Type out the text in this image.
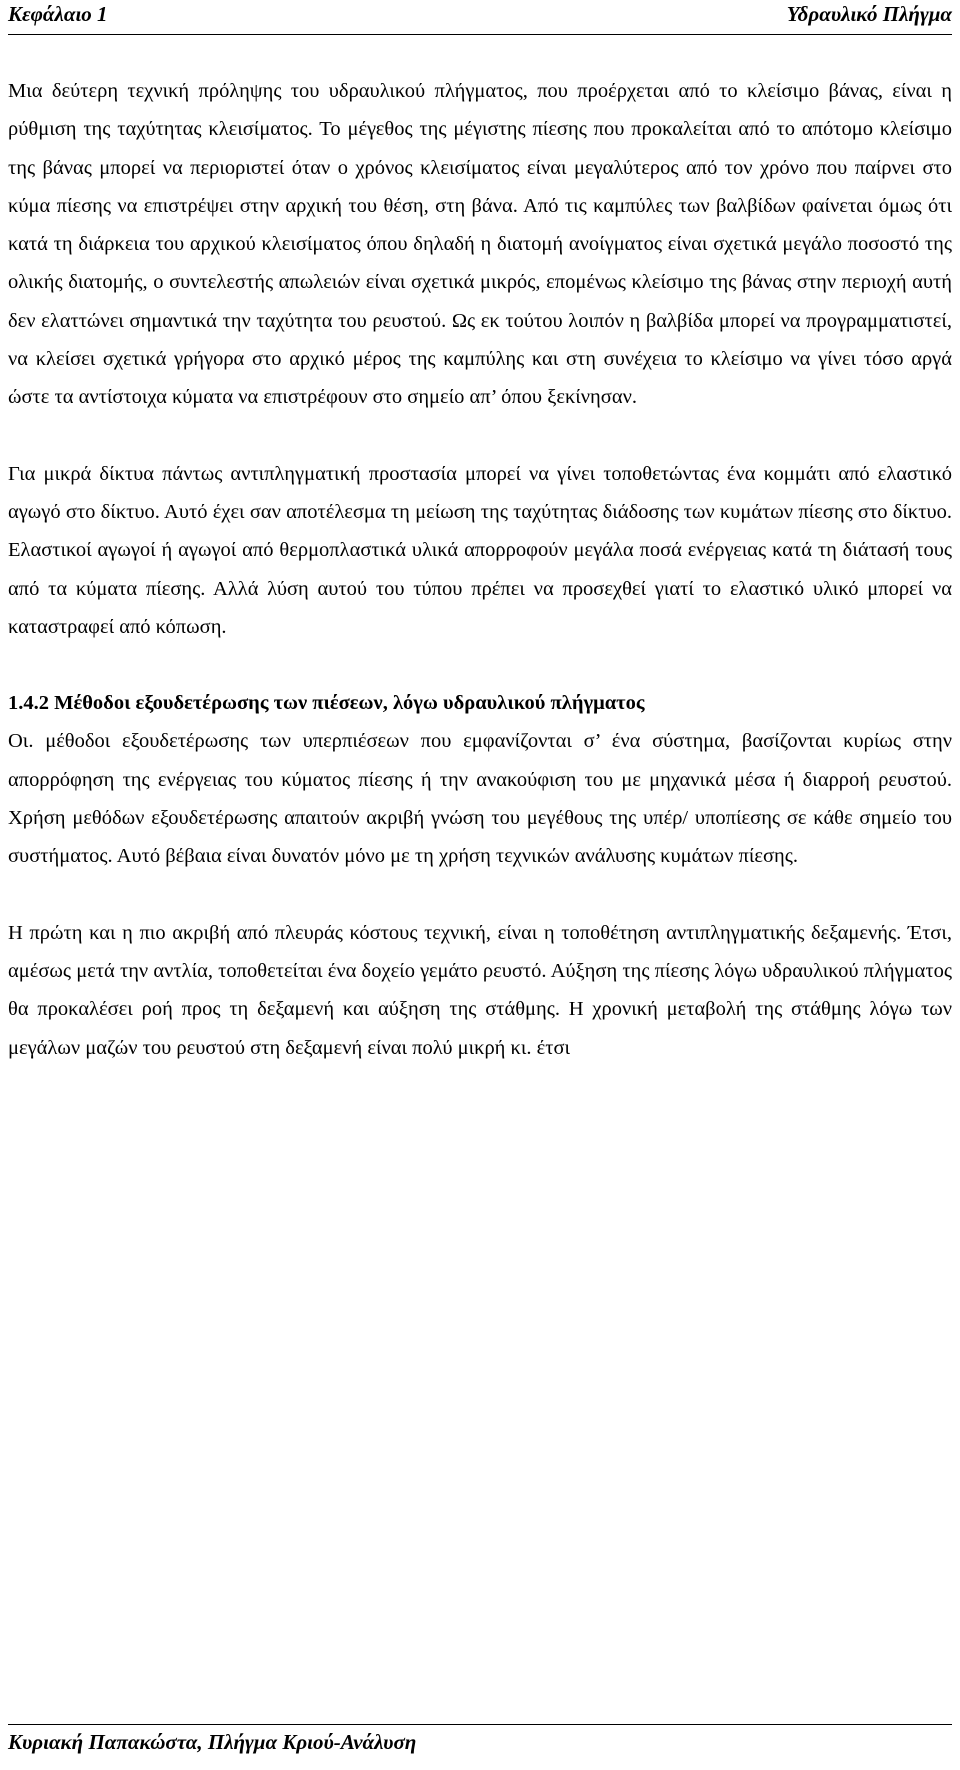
Κεφάλαιο 1	Υδραυλικό Πλήγμα

Μια δεύτερη τεχνική πρόληψης του υδραυλικού πλήγματος, που προέρχεται από το κλείσιμο βάνας, είναι η ρύθμιση της ταχύτητας κλεισίματος. Το μέγεθος της μέγιστης πίεσης που προκαλείται από το απότομο κλείσιμο της βάνας μπορεί να περιοριστεί όταν ο χρόνος κλεισίματος είναι μεγαλύτερος από τον χρόνο που παίρνει στο κύμα πίεσης να επιστρέψει στην αρχική του θέση, στη βάνα. Από τις καμπύλες των βαλβίδων φαίνεται όμως ότι κατά τη διάρκεια του αρχικού κλεισίματος όπου δηλαδή η διατομή ανοίγματος είναι σχετικά μεγάλο ποσοστό της ολικής διατομής, ο συντελεστής απωλειών είναι σχετικά μικρός, επομένως κλείσιμο της βάνας στην περιοχή αυτή δεν ελαττώνει σημαντικά την ταχύτητα του ρευστού. Ως εκ τούτου λοιπόν η βαλβίδα μπορεί να προγραμματιστεί, να κλείσει σχετικά γρήγορα στο αρχικό μέρος της καμπύλης και στη συνέχεια το κλείσιμο να γίνει τόσο αργά ώστε τα αντίστοιχα κύματα να επιστρέφουν στο σημείο απ’ όπου ξεκίνησαν.

Για μικρά δίκτυα πάντως αντιπληγματική προστασία μπορεί να γίνει τοποθετώντας ένα κομμάτι από ελαστικό αγωγό στο δίκτυο. Αυτό έχει σαν αποτέλεσμα τη μείωση της ταχύτητας διάδοσης των κυμάτων πίεσης στο δίκτυο. Ελαστικοί αγωγοί ή αγωγοί από θερμοπλαστικά υλικά απορροφούν μεγάλα ποσά ενέργειας κατά τη διάτασή τους από τα κύματα πίεσης. Αλλά λύση αυτού του τύπου πρέπει να προσεχθεί γιατί το ελαστικό υλικό μπορεί να καταστραφεί από κόπωση.

1.4.2 Μέθοδοι εξουδετέρωσης των πιέσεων, λόγω υδραυλικού πλήγματος

Οι. μέθοδοι εξουδετέρωσης των υπερπιέσεων που εμφανίζονται σ’ ένα σύστημα, βασίζονται κυρίως στην απορρόφηση της ενέργειας του κύματος πίεσης ή την ανακούφιση του με μηχανικά μέσα ή διαρροή ρευστού. Χρήση μεθόδων εξουδετέρωσης απαιτούν ακριβή γνώση του μεγέθους της υπέρ/ υποπίεσης σε κάθε σημείο του συστήματος. Αυτό βέβαια είναι δυνατόν μόνο με τη χρήση τεχνικών ανάλυσης κυμάτων πίεσης.

Η πρώτη και η πιο ακριβή από πλευράς κόστους τεχνική, είναι η τοποθέτηση αντιπληγματικής δεξαμενής. Έτσι, αμέσως μετά την αντλία, τοποθετείται ένα δοχείο γεμάτο ρευστό. Αύξηση της πίεσης λόγω υδραυλικού πλήγματος θα προκαλέσει ροή προς τη δεξαμενή και αύξηση της στάθμης. Η χρονική μεταβολή της στάθμης λόγω των μεγάλων μαζών του ρευστού στη δεξαμενή είναι πολύ μικρή κι. έτσι

Κυριακή Παπακώστα, Πλήγμα Κριού-Ανάλυση
